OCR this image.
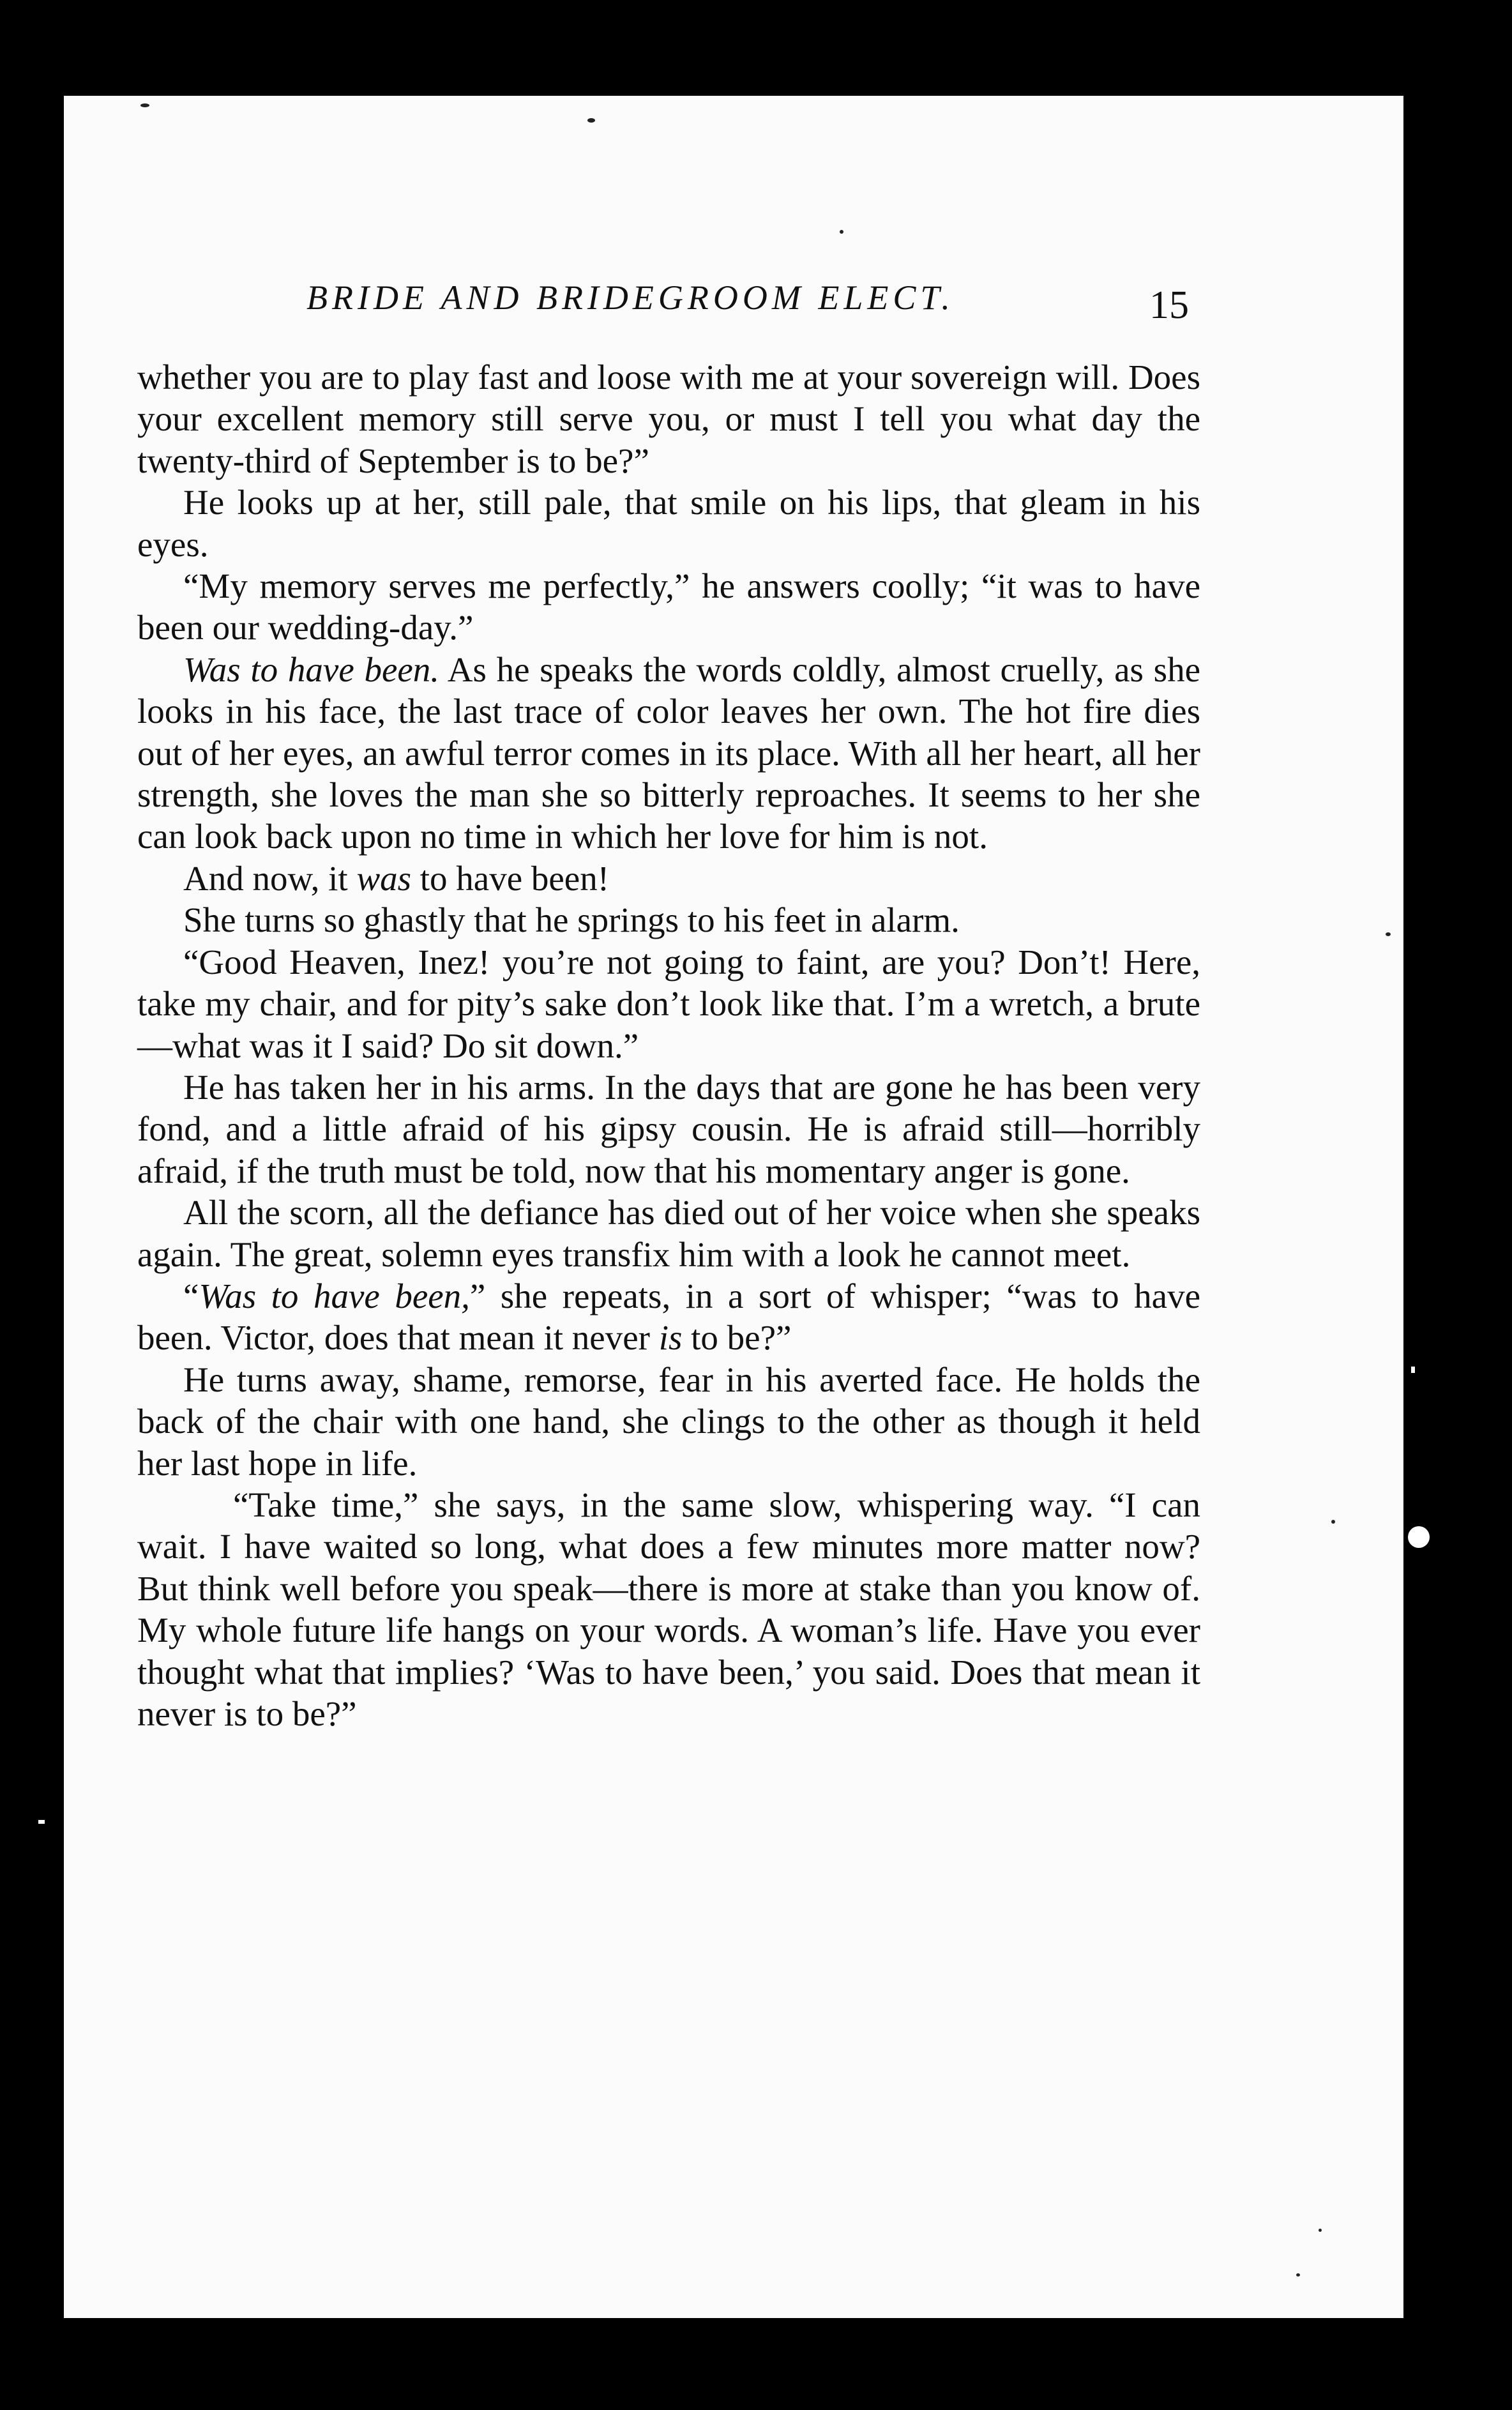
BRIDE AND BRIDEGROOM ELECT.	15

whether you are to play fast and loose with me at your sovereign will. Does your excellent memory still serve you, or must I tell you what day the twenty-third of September is to be?”

He looks up at her, still pale, that smile on his lips, that gleam in his eyes.

“My memory serves me perfectly,” he answers coolly; “it was to have been our wedding-day.”

Was to have been. As he speaks the words coldly, almost cruelly, as she looks in his face, the last trace of color leaves her own. The hot fire dies out of her eyes, an awful terror comes in its place. With all her heart, all her strength, she loves the man she so bitterly reproaches. It seems to her she can look back upon no time in which her love for him is not.

And now, it was to have been!

She turns so ghastly that he springs to his feet in alarm.

“Good Heaven, Inez! you’re not going to faint, are you? Don’t! Here, take my chair, and for pity’s sake don’t look like that. I’m a wretch, a brute—what was it I said? Do sit down.”

He has taken her in his arms. In the days that are gone he has been very fond, and a little afraid of his gipsy cousin. He is afraid still—horribly afraid, if the truth must be told, now that his momentary anger is gone.

All the scorn, all the defiance has died out of her voice when she speaks again. The great, solemn eyes transfix him with a look he cannot meet.

“Was to have been,” she repeats, in a sort of whisper; “was to have been. Victor, does that mean it never is to be?”

He turns away, shame, remorse, fear in his averted face. He holds the back of the chair with one hand, she clings to the other as though it held her last hope in life.

“Take time,” she says, in the same slow, whispering way. “I can wait. I have waited so long, what does a few minutes more matter now? But think well before you speak—there is more at stake than you know of. My whole future life hangs on your words. A woman’s life. Have you ever thought what that implies? ‘Was to have been,’ you said. Does that mean it never is to be?”
